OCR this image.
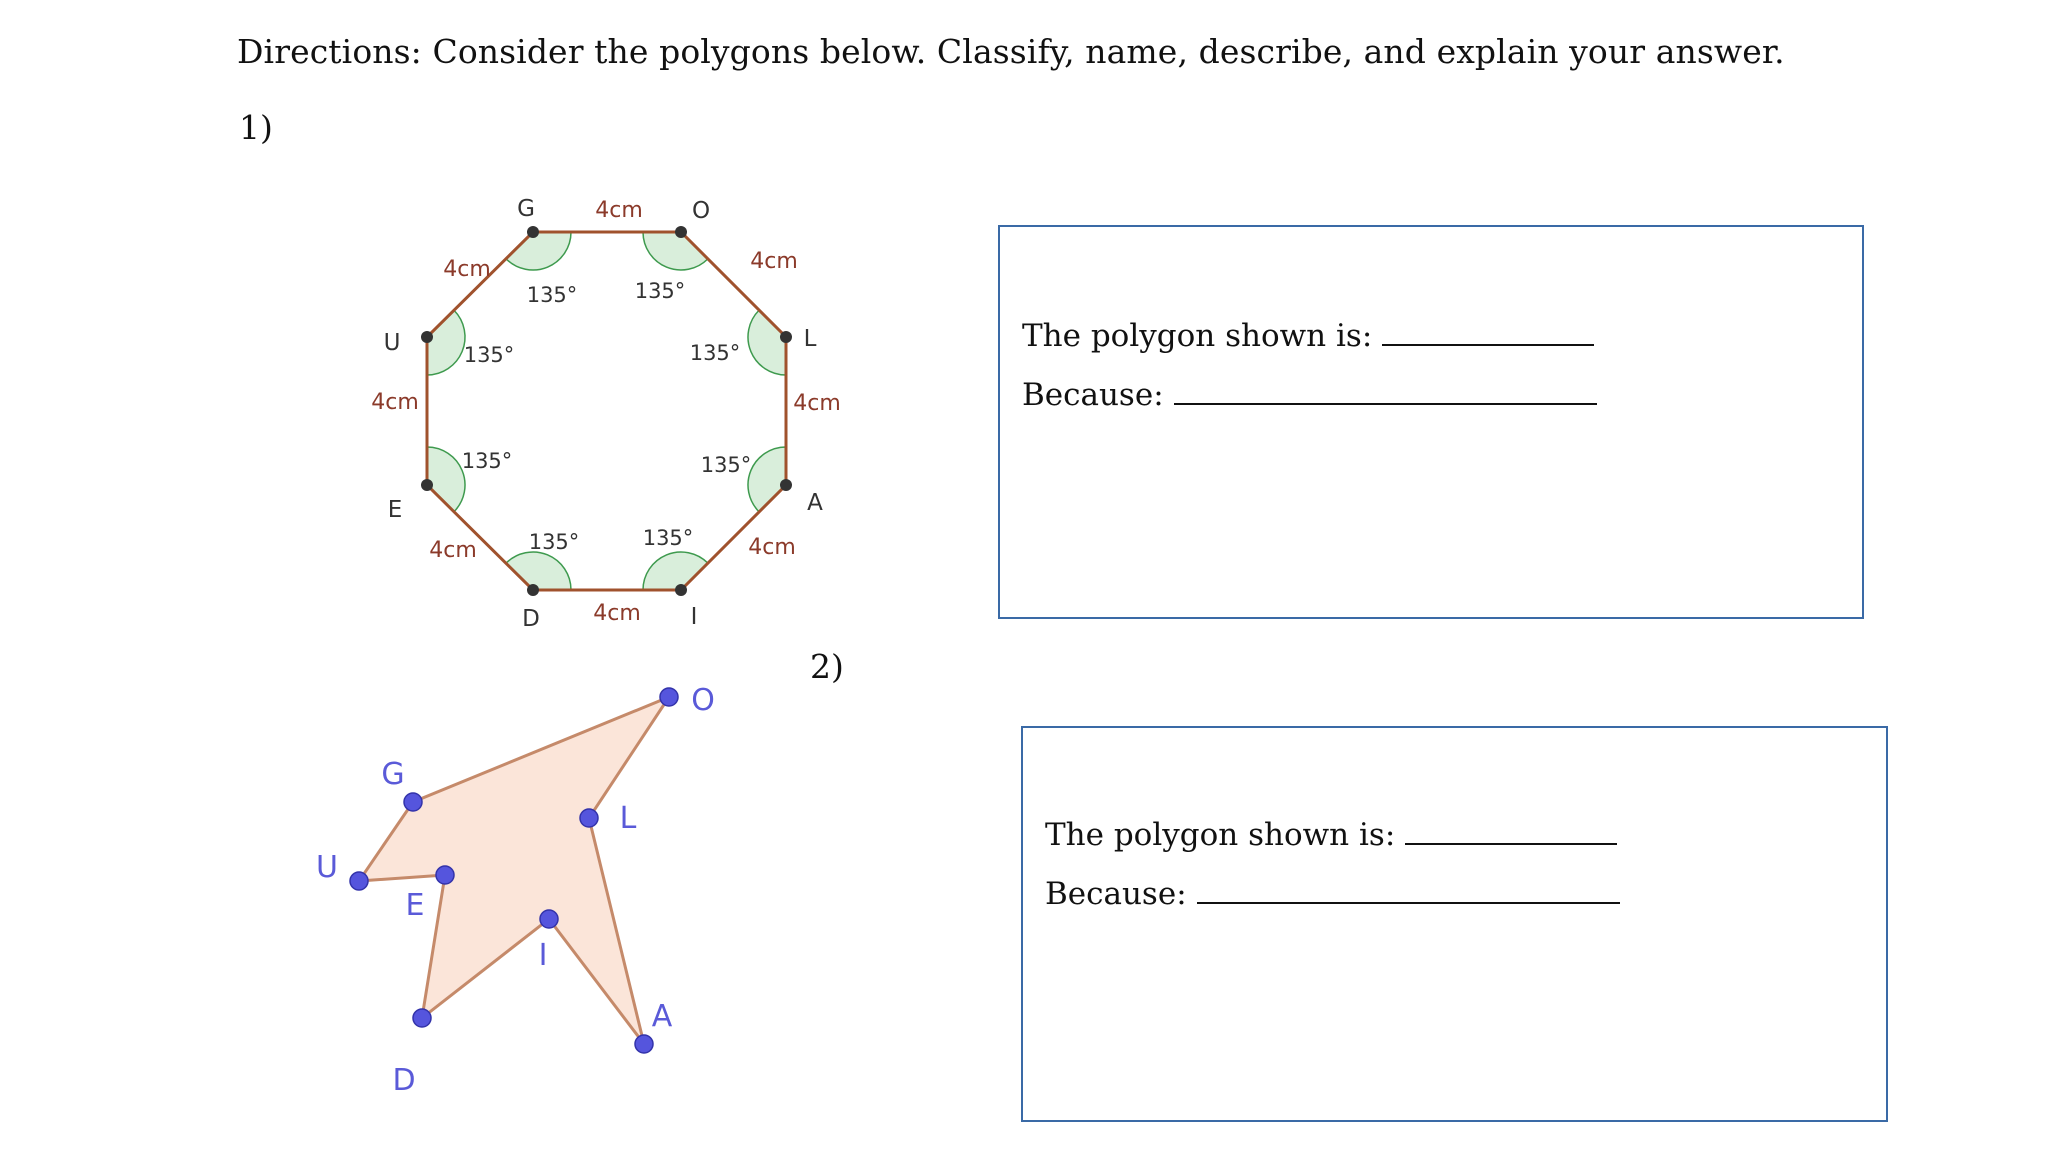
Directions: Consider the polygons below. Classify, name, describe, and explain your answer.
1)
2)
G	O
L
A
I
D
E
U
4cm
4cm
4cm
4cm
4cm
4cm
4cm
4cm
135°	135°
135°
135°
135°
135°
135°
135°
O
L
A
I
D
E
U
G
The polygon shown is:
Because:
The polygon shown is:
Because:
